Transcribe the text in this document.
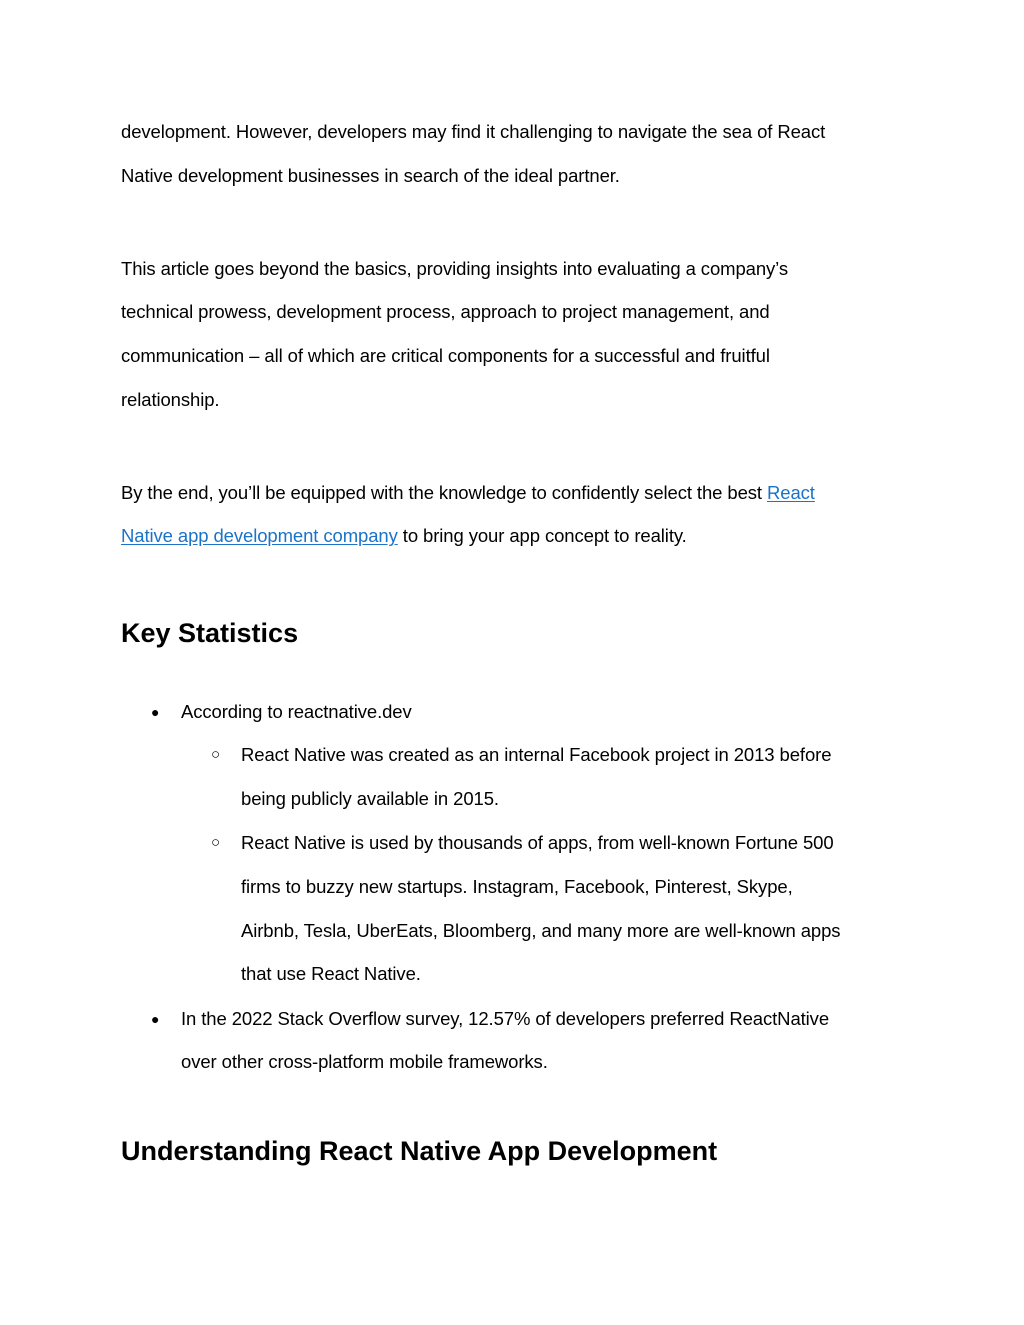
development. However, developers may find it challenging to navigate the sea of React
Native development businesses in search of the ideal partner.
This article goes beyond the basics, providing insights into evaluating a company’s
technical prowess, development process, approach to project management, and
communication – all of which are critical components for a successful and fruitful
relationship.
By the end, you’ll be equipped with the knowledge to confidently select the best React
Native app development company to bring your app concept to reality.
Key Statistics
● According to reactnative.dev
○ React Native was created as an internal Facebook project in 2013 before
being publicly available in 2015.
○ React Native is used by thousands of apps, from well-known Fortune 500
firms to buzzy new startups. Instagram, Facebook, Pinterest, Skype,
Airbnb, Tesla, UberEats, Bloomberg, and many more are well-known apps
that use React Native.
● In the 2022 Stack Overflow survey, 12.57% of developers preferred ReactNative
over other cross-platform mobile frameworks.
Understanding React Native App Development
